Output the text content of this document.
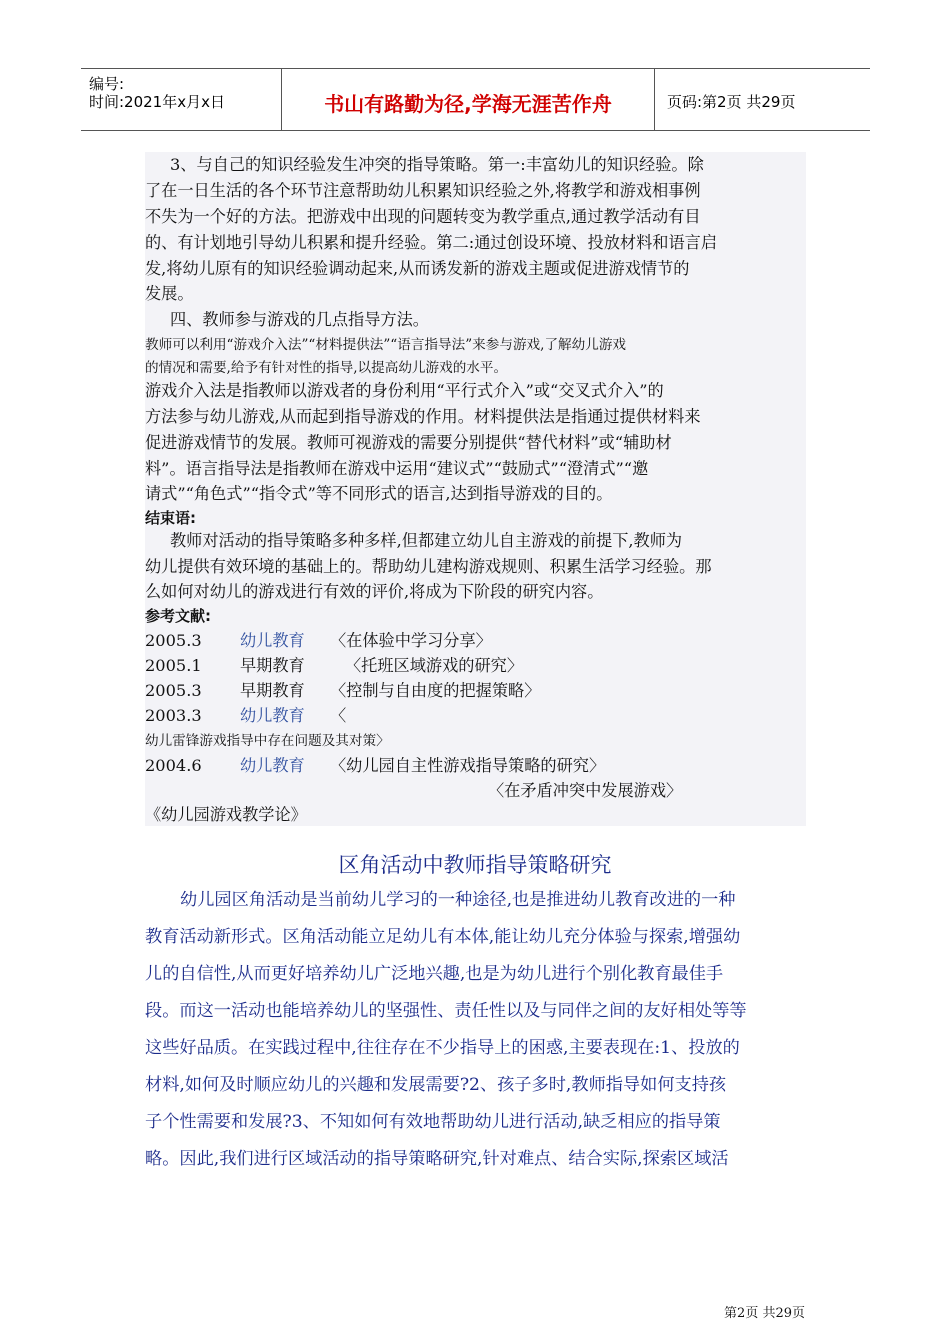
编号:
时间:2021年x月x日	书山有路勤为径,学海无涯苦作舟	页码:第2页 共29页
3、与自己的知识经验发生冲突的指导策略。第一:丰富幼儿的知识经验。除
了在一日生活的各个环节注意帮助幼儿积累知识经验之外,将教学和游戏相事例
不失为一个好的方法。把游戏中出现的问题转变为教学重点,通过教学活动有目
的、有计划地引导幼儿积累和提升经验。第二:通过创设环境、投放材料和语言启
发,将幼儿原有的知识经验调动起来,从而诱发新的游戏主题或促进游戏情节的
发展。
四、教师参与游戏的几点指导方法。
教师可以利用“游戏介入法”“材料提供法”“语言指导法”来参与游戏,了解幼儿游戏
的情况和需要,给予有针对性的指导,以提高幼儿游戏的水平。
游戏介入法是指教师以游戏者的身份利用“平行式介入”或“交叉式介入”的
方法参与幼儿游戏,从而起到指导游戏的作用。材料提供法是指通过提供材料来
促进游戏情节的发展。教师可视游戏的需要分别提供“替代材料”或“辅助材
料”。语言指导法是指教师在游戏中运用“建议式”“鼓励式”“澄清式”“邀
请式”“角色式”“指令式”等不同形式的语言,达到指导游戏的目的。
结束语:
教师对活动的指导策略多种多样,但都建立幼儿自主游戏的前提下,教师为
幼儿提供有效环境的基础上的。帮助幼儿建构游戏规则、积累生活学习经验。那
么如何对幼儿的游戏进行有效的评价,将成为下阶段的研究内容。
参考文献:
2005.3 幼儿教育 〈在体验中学习分享〉
2005.1 早期教育 〈托班区域游戏的研究〉
2005.3 早期教育 〈控制与自由度的把握策略〉
2003.3 幼儿教育 〈
幼儿雷锋游戏指导中存在问题及其对策〉
2004.6 幼儿教育 〈幼儿园自主性游戏指导策略的研究〉
〈在矛盾冲突中发展游戏〉
《幼儿园游戏教学论》
区角活动中教师指导策略研究
幼儿园区角活动是当前幼儿学习的一种途径,也是推进幼儿教育改进的一种
教育活动新形式。区角活动能立足幼儿有本体,能让幼儿充分体验与探索,增强幼
儿的自信性,从而更好培养幼儿广泛地兴趣,也是为幼儿进行个别化教育最佳手
段。而这一活动也能培养幼儿的坚强性、责任性以及与同伴之间的友好相处等等
这些好品质。在实践过程中,往往存在不少指导上的困惑,主要表现在:1、投放的
材料,如何及时顺应幼儿的兴趣和发展需要?2、孩子多时,教师指导如何支持孩
子个性需要和发展?3、不知如何有效地帮助幼儿进行活动,缺乏相应的指导策
略。因此,我们进行区域活动的指导策略研究,针对难点、结合实际,探索区域活
第2页 共29页
